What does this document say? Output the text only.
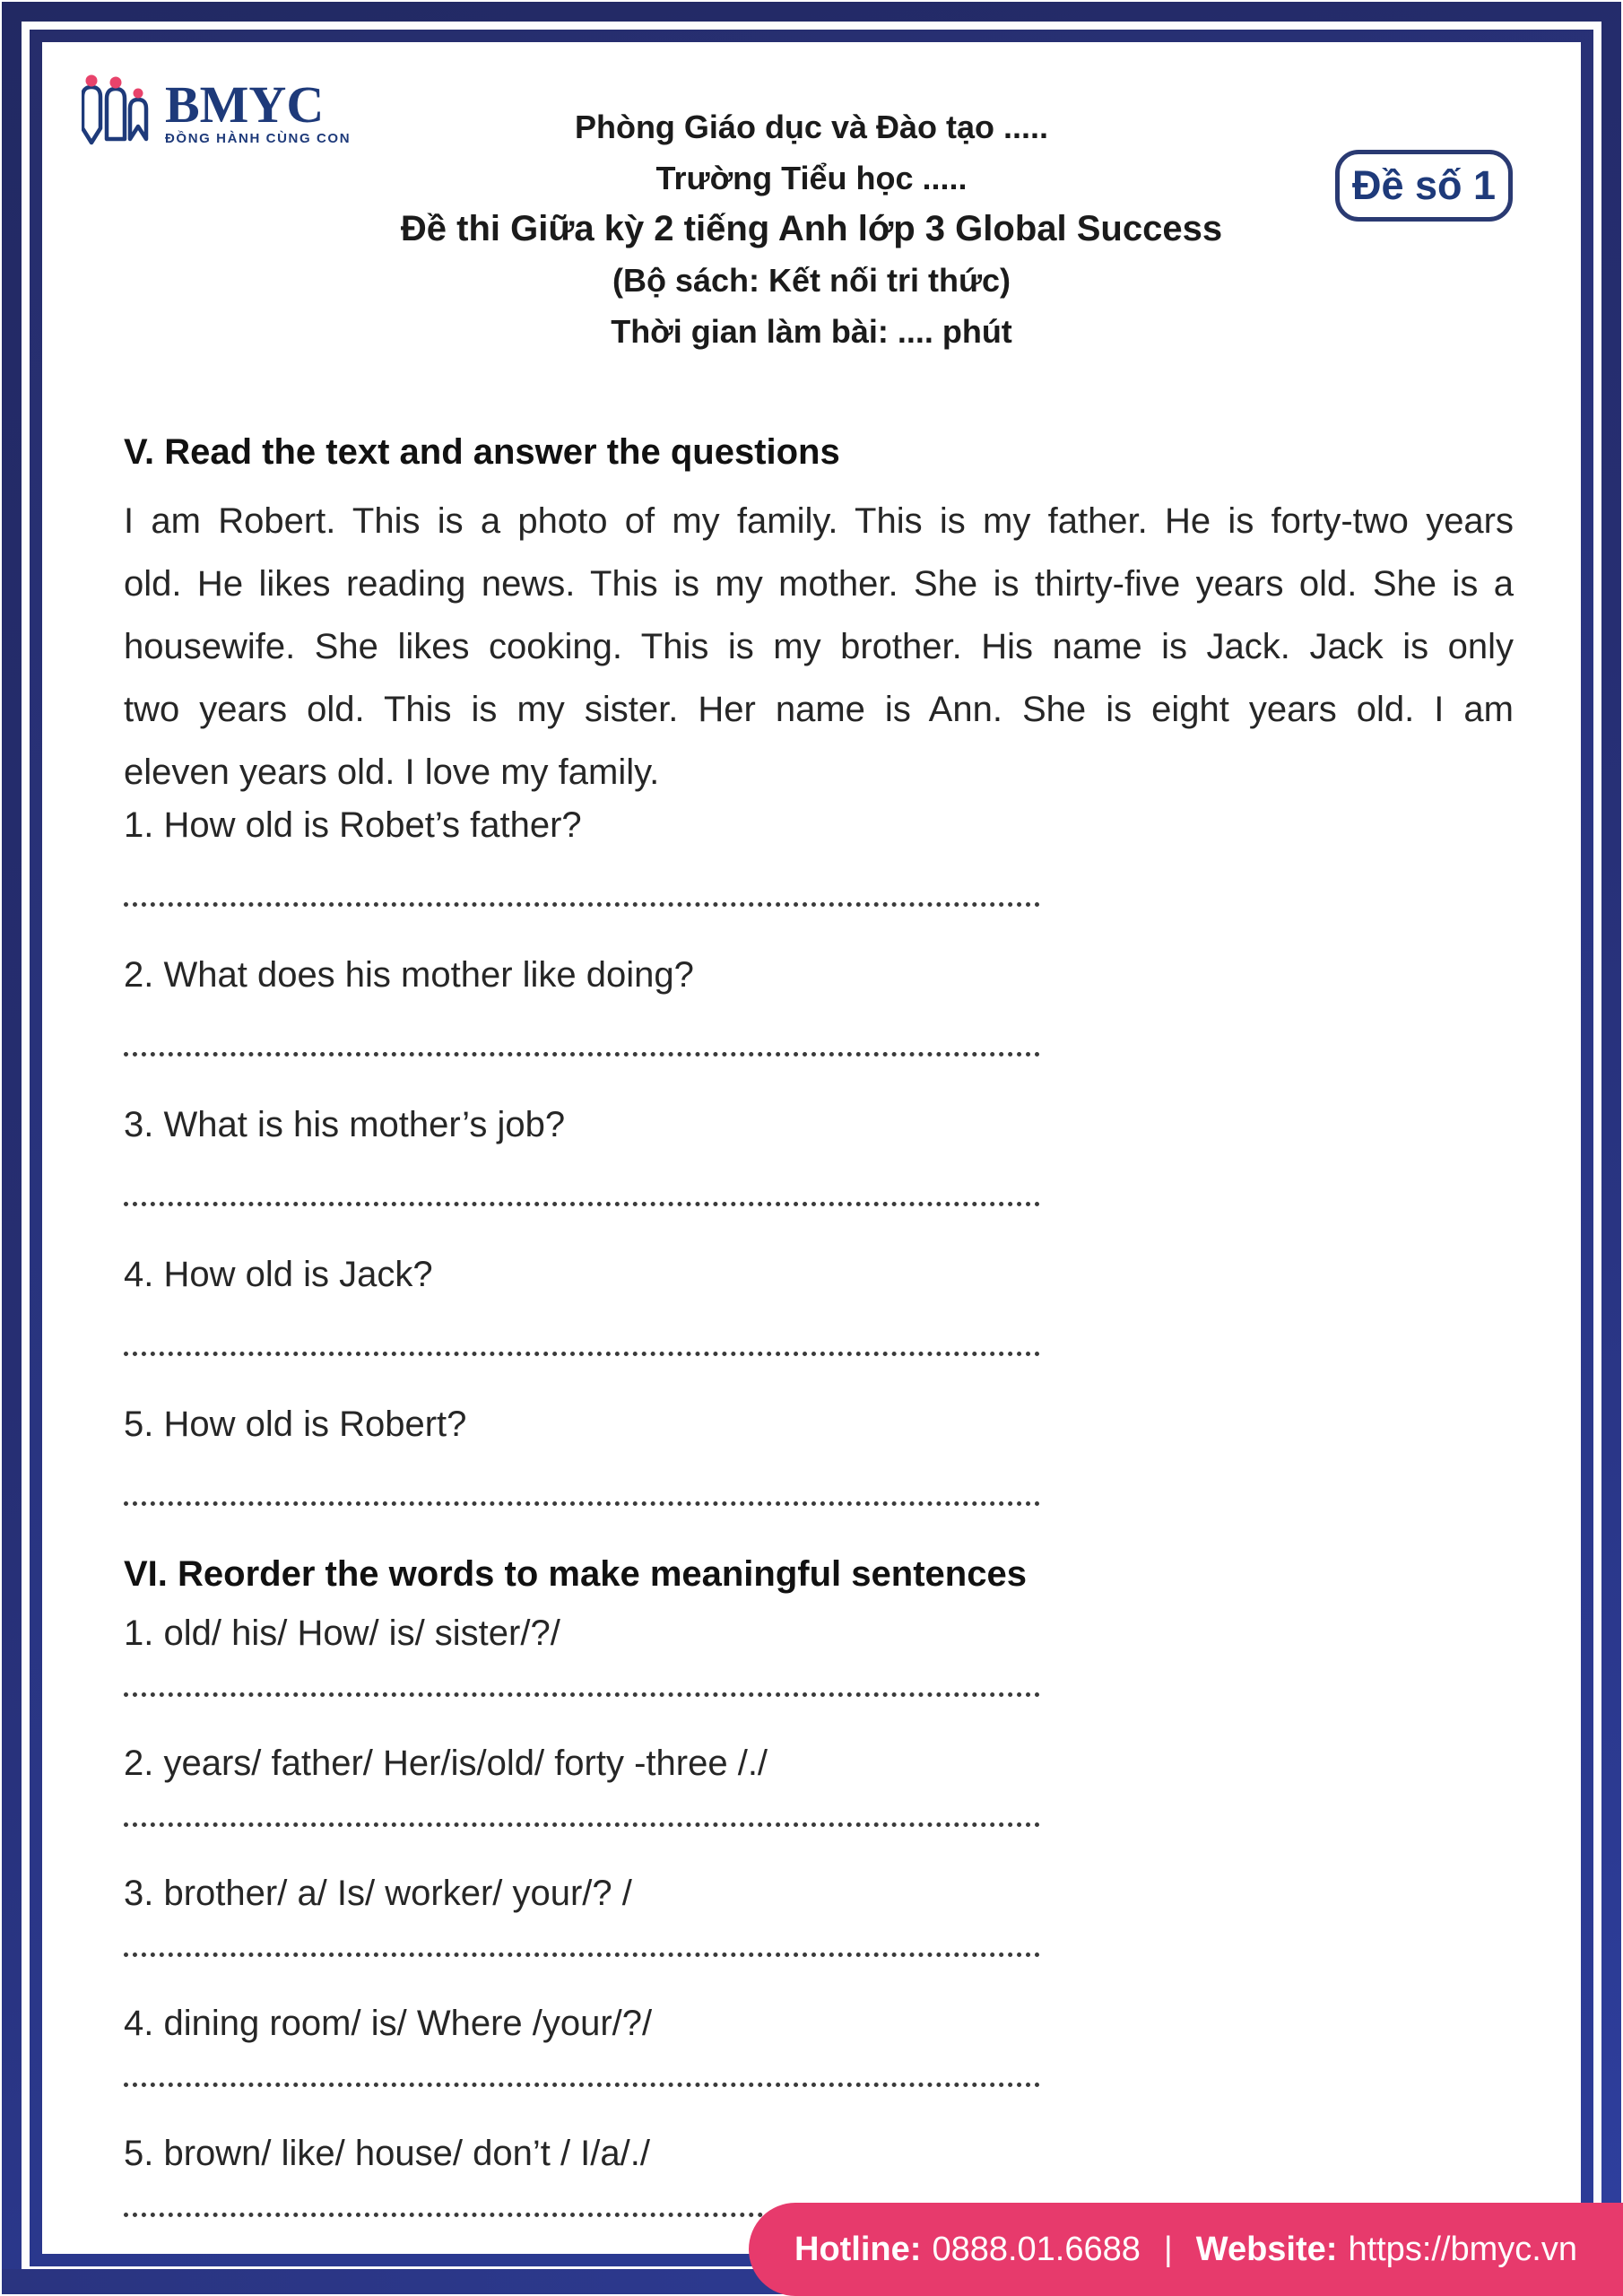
BMYC
ĐỒNG HÀNH CÙNG CON	Phòng Giáo dục và Đào tạo .....
Trường Tiểu học .....
Đề thi Giữa kỳ 2 tiếng Anh lớp 3 Global Success
(Bộ sách: Kết nối tri thức)
Thời gian làm bài: .... phút
Đề số 1
V. Read the text and answer the questions
I am Robert. This is a photo of my family. This is my father. He is forty-two years
old. He likes reading news. This is my mother. She is thirty-five years old. She is a
housewife. She likes cooking. This is my brother. His name is Jack. Jack is only
two years old. This is my sister. Her name is Ann. She is eight years old. I am
eleven years old. I love my family.
1. How old is Robet’s father?
2. What does his mother like doing?
3. What is his mother’s job?
4. How old is Jack?
5. How old is Robert?
VI. Reorder the words to make meaningful sentences
1. old/ his/ How/ is/ sister/?/
2. years/ father/ Her/is/old/ forty -three /./
3. brother/ a/ Is/ worker/ your/? /
4. dining room/ is/ Where /your/?/
5. brown/ like/ house/ don’t / I/a/./
Hotline: 0888.01.6688 | Website: https://bmyc.vn
